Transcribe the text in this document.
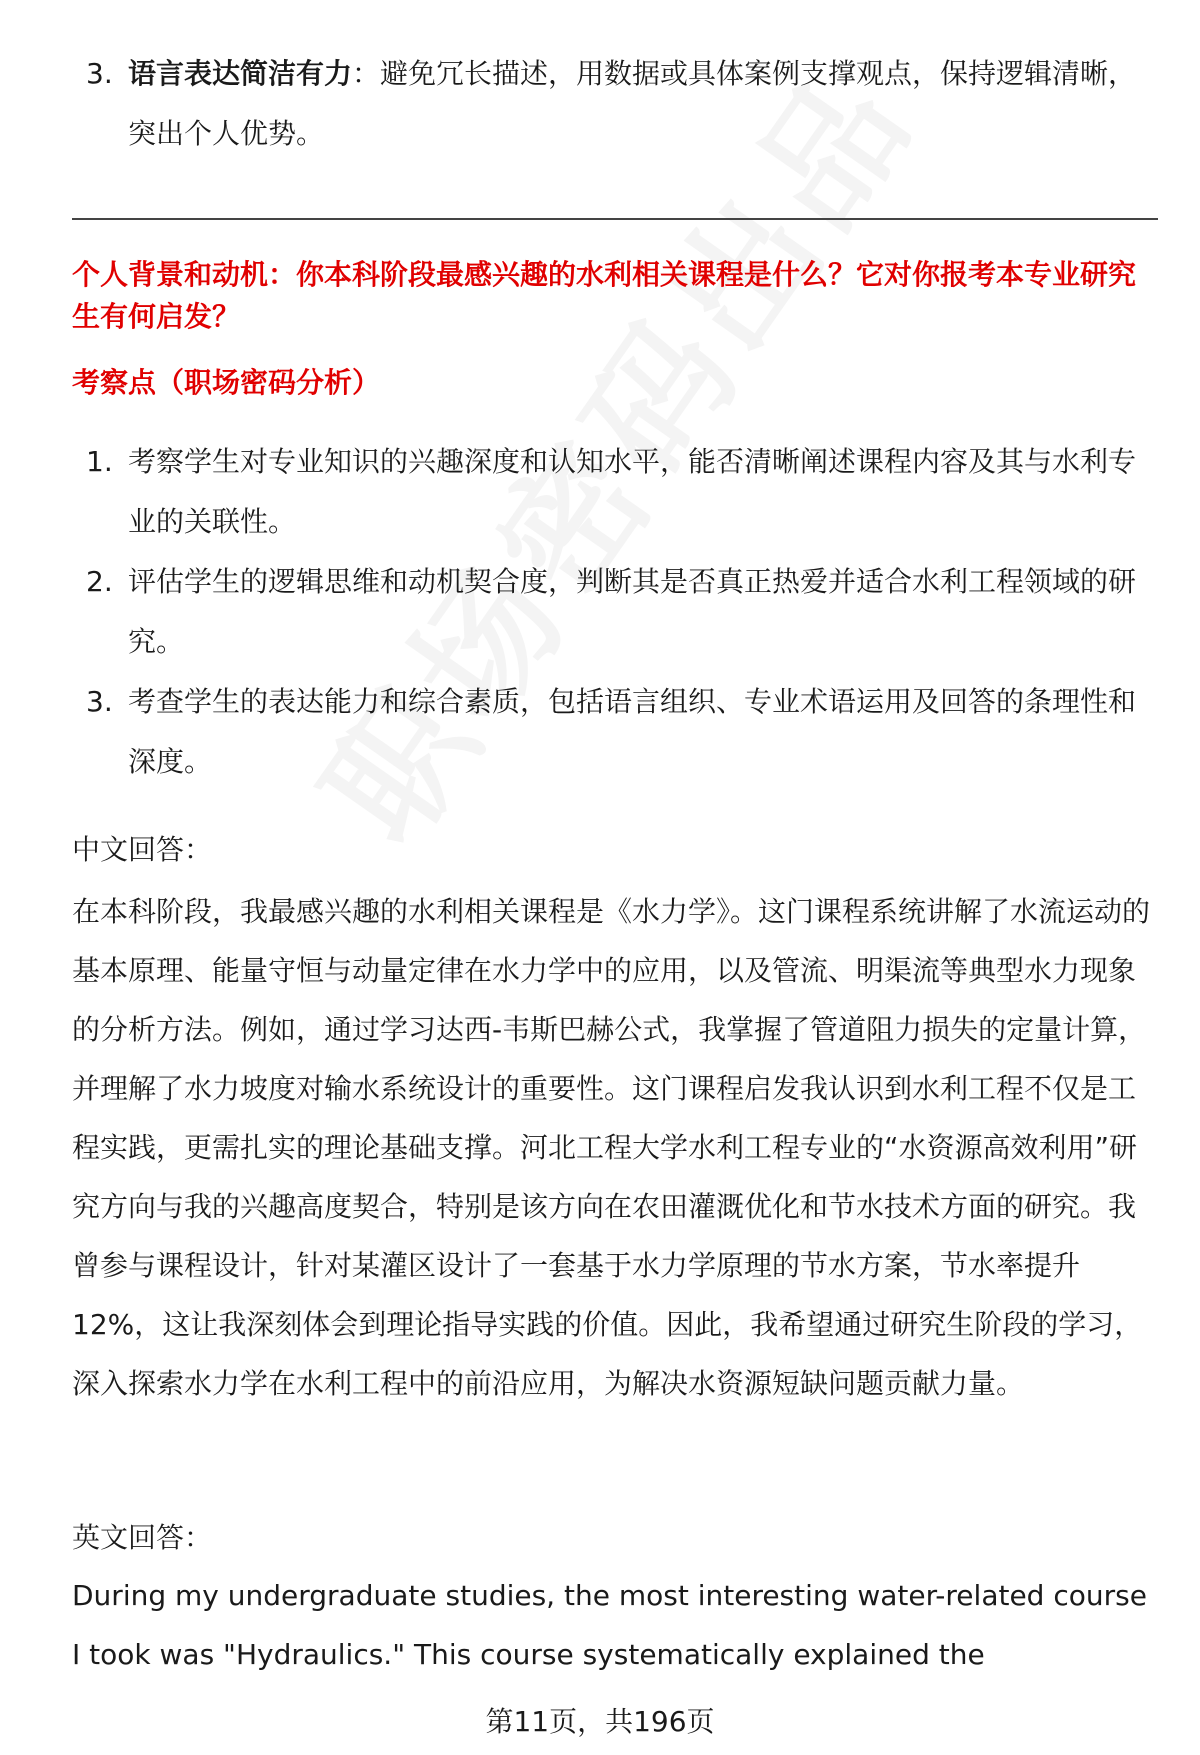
3. 语言表达简洁有力：避免冗长描述，用数据或具体案例支撑观点，保持逻辑清晰，突出个人优势。
个人背景和动机：你本科阶段最感兴趣的水利相关课程是什么？它对你报考本专业研究生有何启发？
考察点（职场密码分析）
1. 考察学生对专业知识的兴趣深度和认知水平，能否清晰阐述课程内容及其与水利专业的关联性。
2. 评估学生的逻辑思维和动机契合度，判断其是否真正热爱并适合水利工程领域的研究。
3. 考查学生的表达能力和综合素质，包括语言组织、专业术语运用及回答的条理性和深度。
中文回答：
在本科阶段，我最感兴趣的水利相关课程是《水力学》。这门课程系统讲解了水流运动的基本原理、能量守恒与动量定律在水力学中的应用，以及管流、明渠流等典型水力现象的分析方法。例如，通过学习达西-韦斯巴赫公式，我掌握了管道阻力损失的定量计算，并理解了水力坡度对输水系统设计的重要性。这门课程启发我认识到水利工程不仅是工程实践，更需扎实的理论基础支撑。河北工程大学水利工程专业的“水资源高效利用”研究方向与我的兴趣高度契合，特别是该方向在农田灌溉优化和节水技术方面的研究。我曾参与课程设计，针对某灌区设计了一套基于水力学原理的节水方案，节水率提升12%，这让我深刻体会到理论指导实践的价值。因此，我希望通过研究生阶段的学习，深入探索水力学在水利工程中的前沿应用，为解决水资源短缺问题贡献力量。
英文回答：
During my undergraduate studies, the most interesting water-related course I took was "Hydraulics." This course systematically explained the
第11页，共196页
